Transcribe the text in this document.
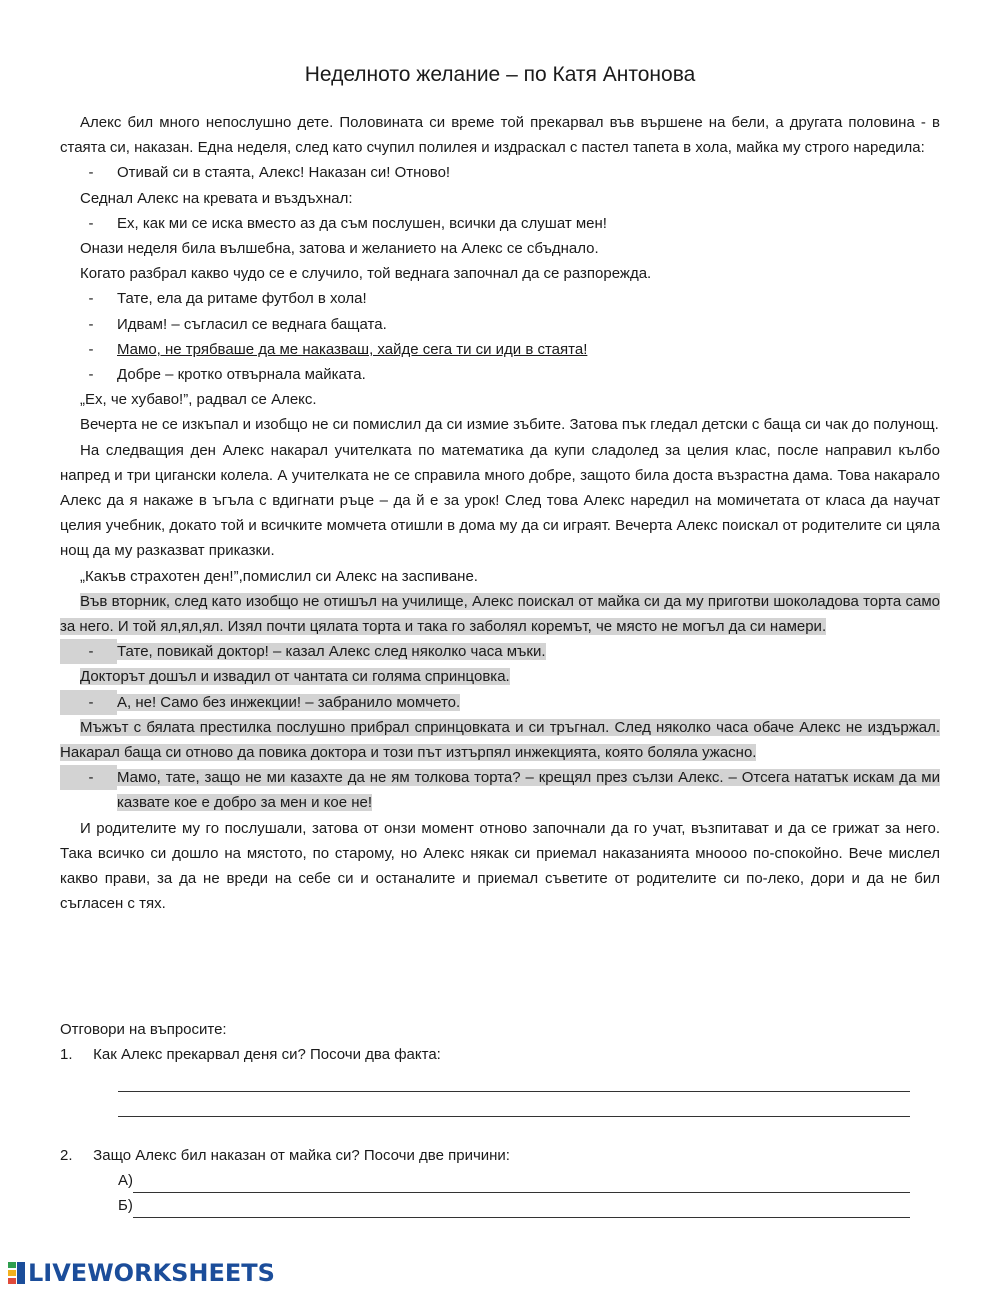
Неделното желание – по Катя Антонова

Алекс бил много непослушно дете. Половината си време той прекарвал във вършене на бели, а другата половина - в стаята си, наказан. Една неделя, след като счупил полилея и издраскал с пастел тапета в хола, майка му строго наредила:

-	Отивай си в стаята, Алекс! Наказан си! Отново!

Седнал Алекс на кревата и въздъхнал:

-	Ех, как ми се иска вместо аз да съм послушен, всички да слушат мен!

Онази неделя била вълшебна, затова и желанието на Алекс се сбъднало.

Когато разбрал какво чудо се е случило, той веднага започнал да се разпорежда.

-	Тате, ела да ритаме футбол в хола!
-	Идвам! – съгласил се веднага бащата.
-	Мамо, не трябваше да ме наказваш, хайде сега ти си иди в стаята!
-	Добре – кротко отвърнала майката.

„Ех, че хубаво!”, радвал се Алекс.

Вечерта не се изкъпал и изобщо не си помислил да си измие зъбите. Затова пък гледал детски с баща си чак до полунощ.

На следващия ден Алекс накарал учителката по математика да купи сладолед за целия клас, после направил кълбо напред и три цигански колела. А учителката не се справила много добре, защото била доста възрастна дама. Това накарало Алекс да я накаже в ъгъла с вдигнати ръце – да й е за урок! След това Алекс наредил на момичетата от класа да научат целия учебник, докато той и всичките момчета отишли в дома му да си играят. Вечерта Алекс поискал от родителите си цяла нощ да му разказват приказки.

„Какъв страхотен ден!”,помислил си Алекс на заспиване.

Във вторник, след като изобщо не отишъл на училище, Алекс поискал от майка си да му приготви шоколадова торта само за него. И той ял,ял,ял. Изял почти цялата торта и така го заболял коремът, че място не могъл да си намери.

-	Тате, повикай доктор! – казал Алекс след няколко часа мъки.

Докторът дошъл и извадил от чантата си голяма спринцовка.

-	А, не! Само без инжекции! – забранило момчето.

Мъжът с бялата престилка послушно прибрал спринцовката и си тръгнал. След няколко часа обаче Алекс не издържал. Накарал баща си отново да повика доктора и този път изтърпял инжекцията, която боляла ужасно.

-	Мамо, тате, защо не ми казахте да не ям толкова торта? – крещял през сълзи Алекс. – Отсега нататък искам да ми казвате кое е добро за мен и кое не!

И родителите му го послушали, затова от онзи момент отново започнали да го учат, възпитават и да се грижат за него. Така всичко си дошло на мястото, по старому, но Алекс някак си приемал наказанията мноооо по-спокойно. Вече мислел какво прави, за да не вреди на себе си и останалите и приемал съветите от родителите си по-леко, дори и да не бил съгласен с тях.

Отговори на въпросите:
1. Как Алекс прекарвал деня си? Посочи два факта:
2. Защо Алекс бил наказан от майка си? Посочи две причини:
А)
Б)
LIVEWORKSHEETS
